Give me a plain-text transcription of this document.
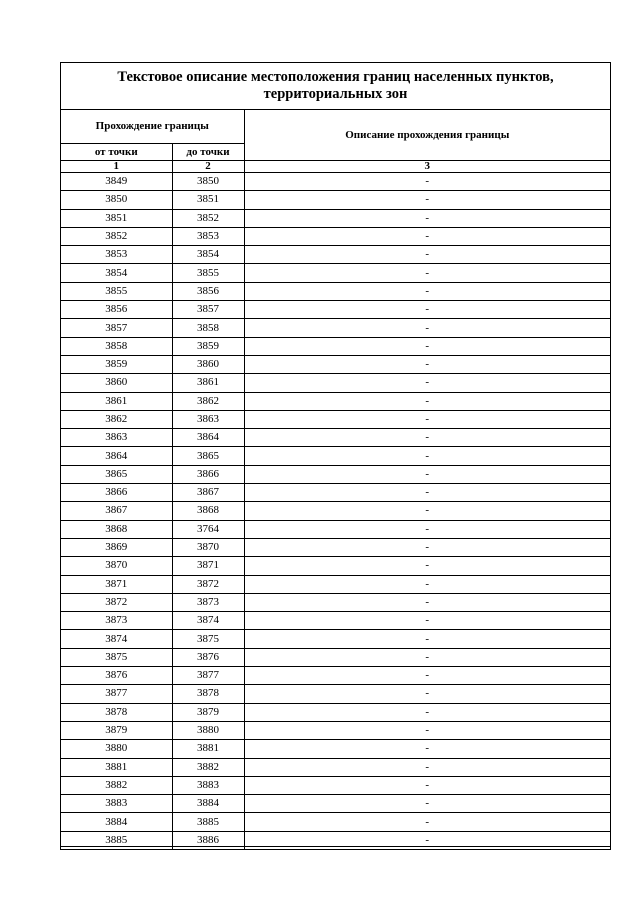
Текстовое описание местоположения границ населенных пунктов, территориальных зон
Прохождение границы		Описание прохождения границы
от точки	до точки	
1	2	3
3849	3850	-
3850	3851	-
3851	3852	-
3852	3853	-
3853	3854	-
3854	3855	-
3855	3856	-
3856	3857	-
3857	3858	-
3858	3859	-
3859	3860	-
3860	3861	-
3861	3862	-
3862	3863	-
3863	3864	-
3864	3865	-
3865	3866	-
3866	3867	-
3867	3868	-
3868	3764	-
3869	3870	-
3870	3871	-
3871	3872	-
3872	3873	-
3873	3874	-
3874	3875	-
3875	3876	-
3876	3877	-
3877	3878	-
3878	3879	-
3879	3880	-
3880	3881	-
3881	3882	-
3882	3883	-
3883	3884	-
3884	3885	-
3885	3886	-
